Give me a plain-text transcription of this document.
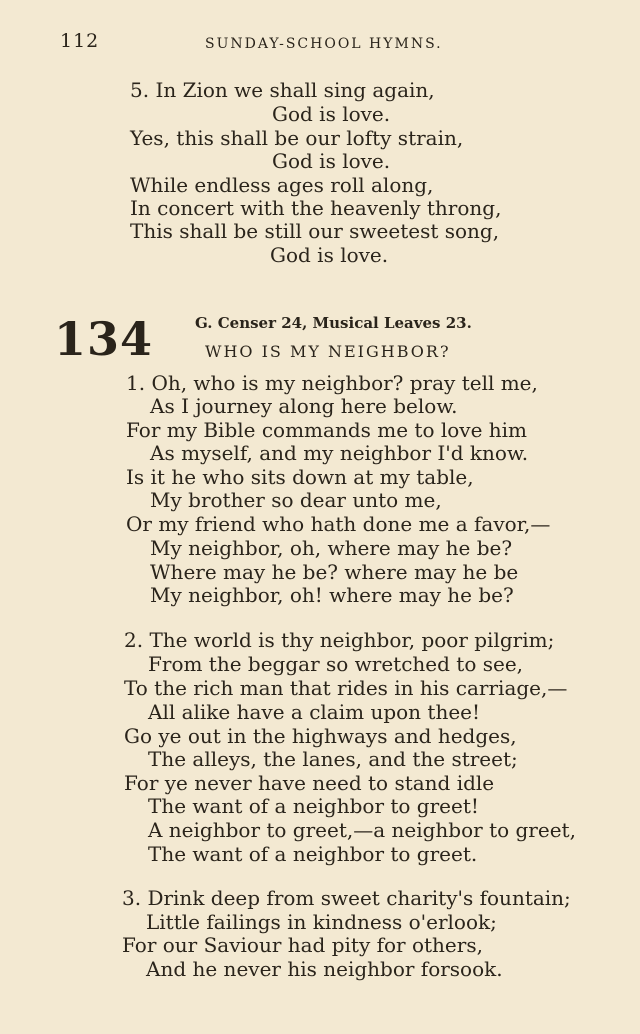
112	SUNDAY-SCHOOL HYMNS.
5. In Zion we shall sing again,
God is love.
Yes, this shall be our lofty strain,
God is love.
While endless ages roll along,
In concert with the heavenly throng,
This shall be still our sweetest song,
God is love.
134	G. Censer 24, Musical Leaves 23.
WHO IS MY NEIGHBOR?
1. Oh, who is my neighbor? pray tell me,
As I journey along here below.
For my Bible commands me to love him
As myself, and my neighbor I'd know.
Is it he who sits down at my table,
My brother so dear unto me,
Or my friend who hath done me a favor,—
My neighbor, oh, where may he be?
Where may he be? where may he be
My neighbor, oh! where may he be?
2. The world is thy neighbor, poor pilgrim;
From the beggar so wretched to see,
To the rich man that rides in his carriage,—
All alike have a claim upon thee!
Go ye out in the highways and hedges,
The alleys, the lanes, and the street;
For ye never have need to stand idle
The want of a neighbor to greet!
A neighbor to greet,—a neighbor to greet,
The want of a neighbor to greet.
3. Drink deep from sweet charity's fountain;
Little failings in kindness o'erlook;
For our Saviour had pity for others,
And he never his neighbor forsook.
